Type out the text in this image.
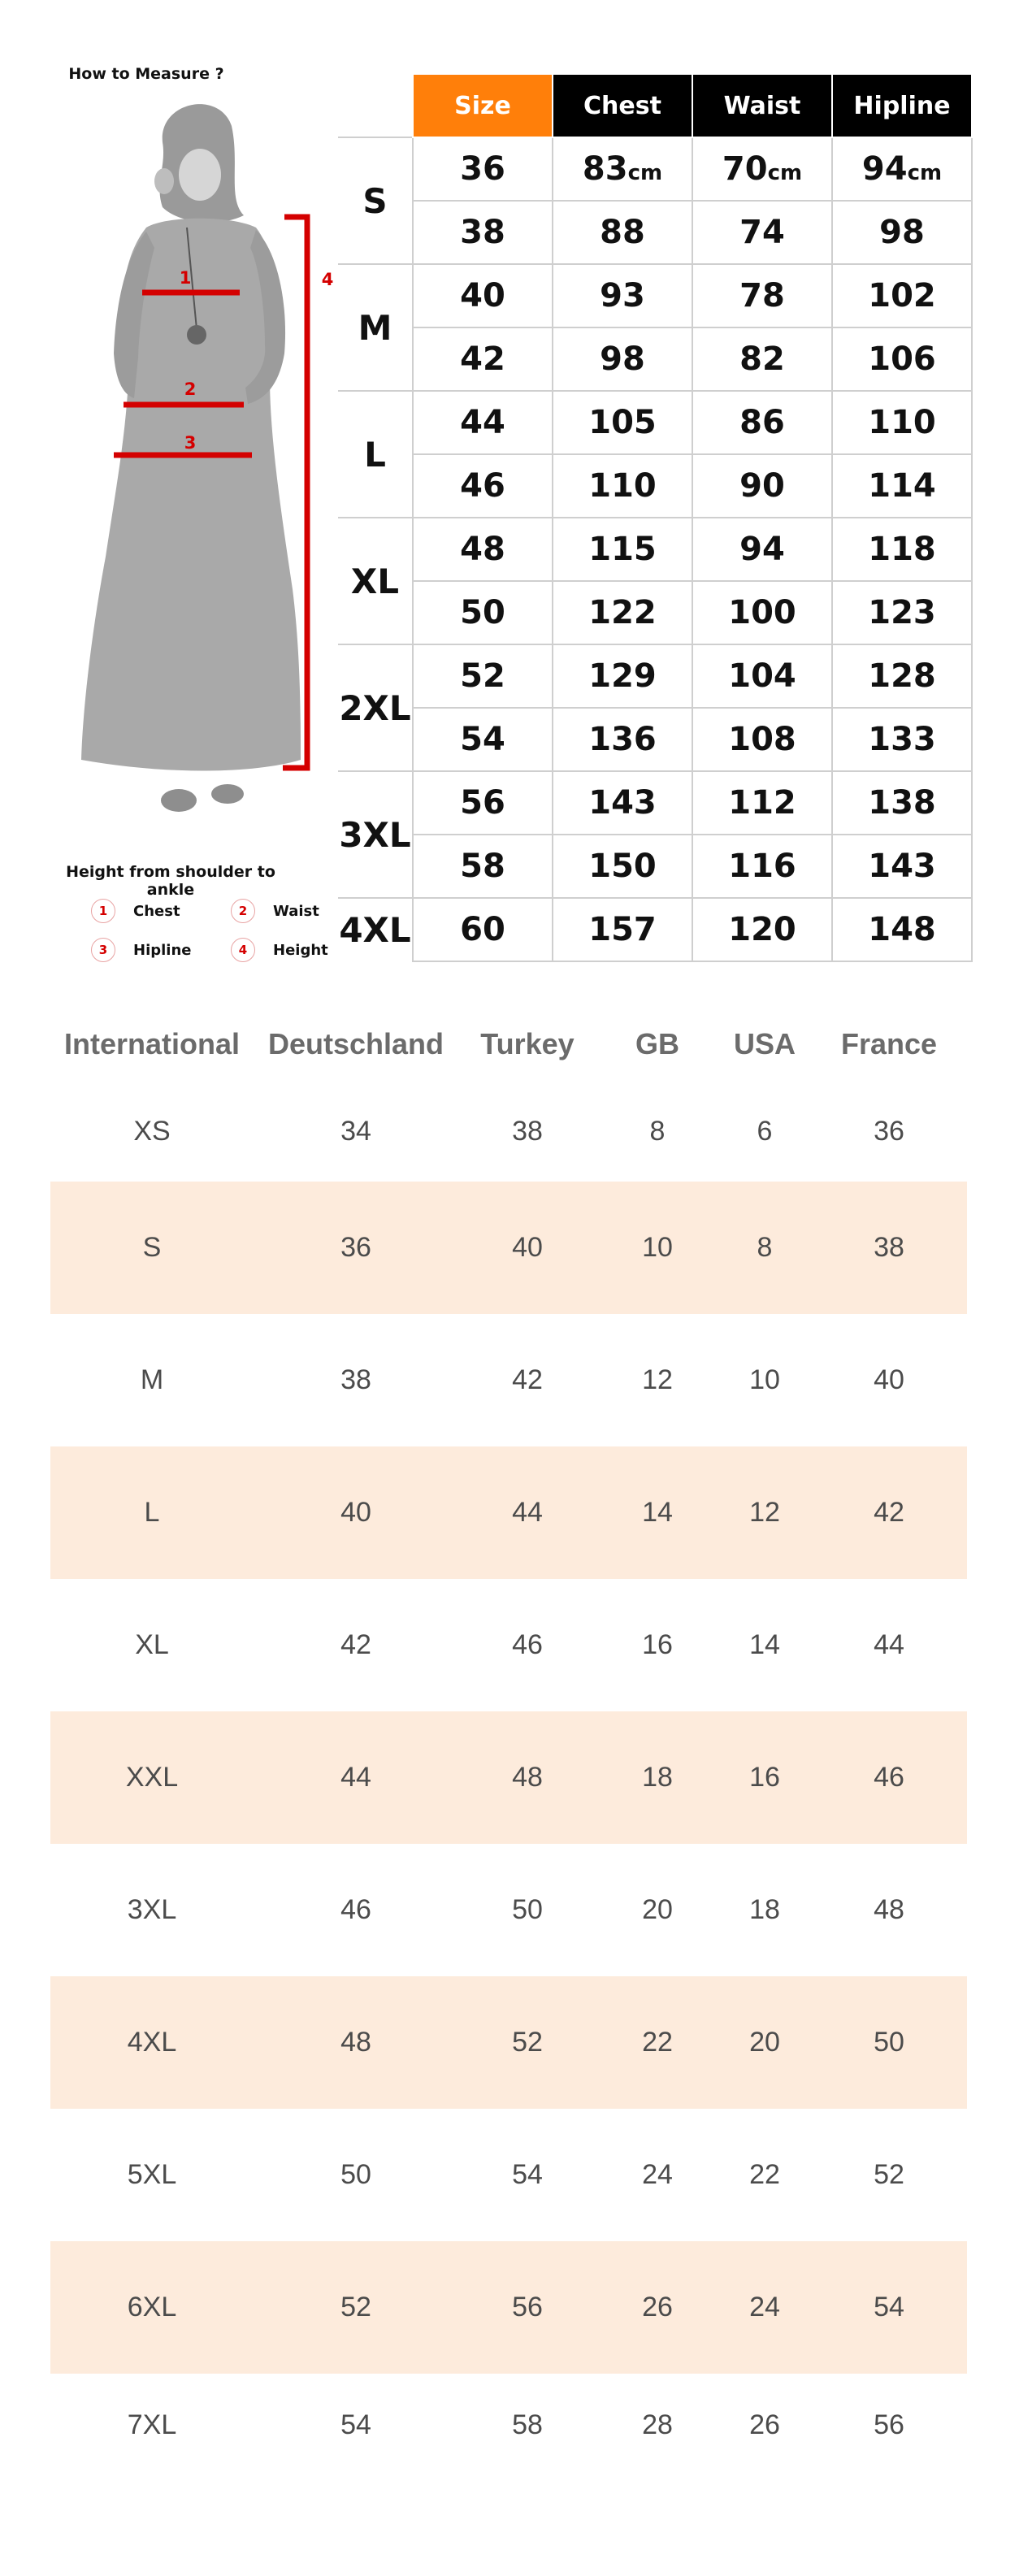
How to Measure ?
1
2
3
4
Height from shoulder to ankle
1	Chest	2	Waist
3	Hipline	4	Height
	Size	Chest	Waist	Hipline
S	36	83cm	70cm	94cm
	38	88	74	98
M	40	93	78	102
	42	98	82	106
L	44	105	86	110
	46	110	90	114
XL	48	115	94	118
	50	122	100	123
2XL	52	129	104	128
	54	136	108	133
3XL	56	143	112	138
	58	150	116	143
4XL	60	157	120	148
International	Deutschland	Turkey	GB	USA	France
XS	34	38	8	6	36
S	36	40	10	8	38
M	38	42	12	10	40
L	40	44	14	12	42
XL	42	46	16	14	44
XXL	44	48	18	16	46
3XL	46	50	20	18	48
4XL	48	52	22	20	50
5XL	50	54	24	22	52
6XL	52	56	26	24	54
7XL	54	58	28	26	56
